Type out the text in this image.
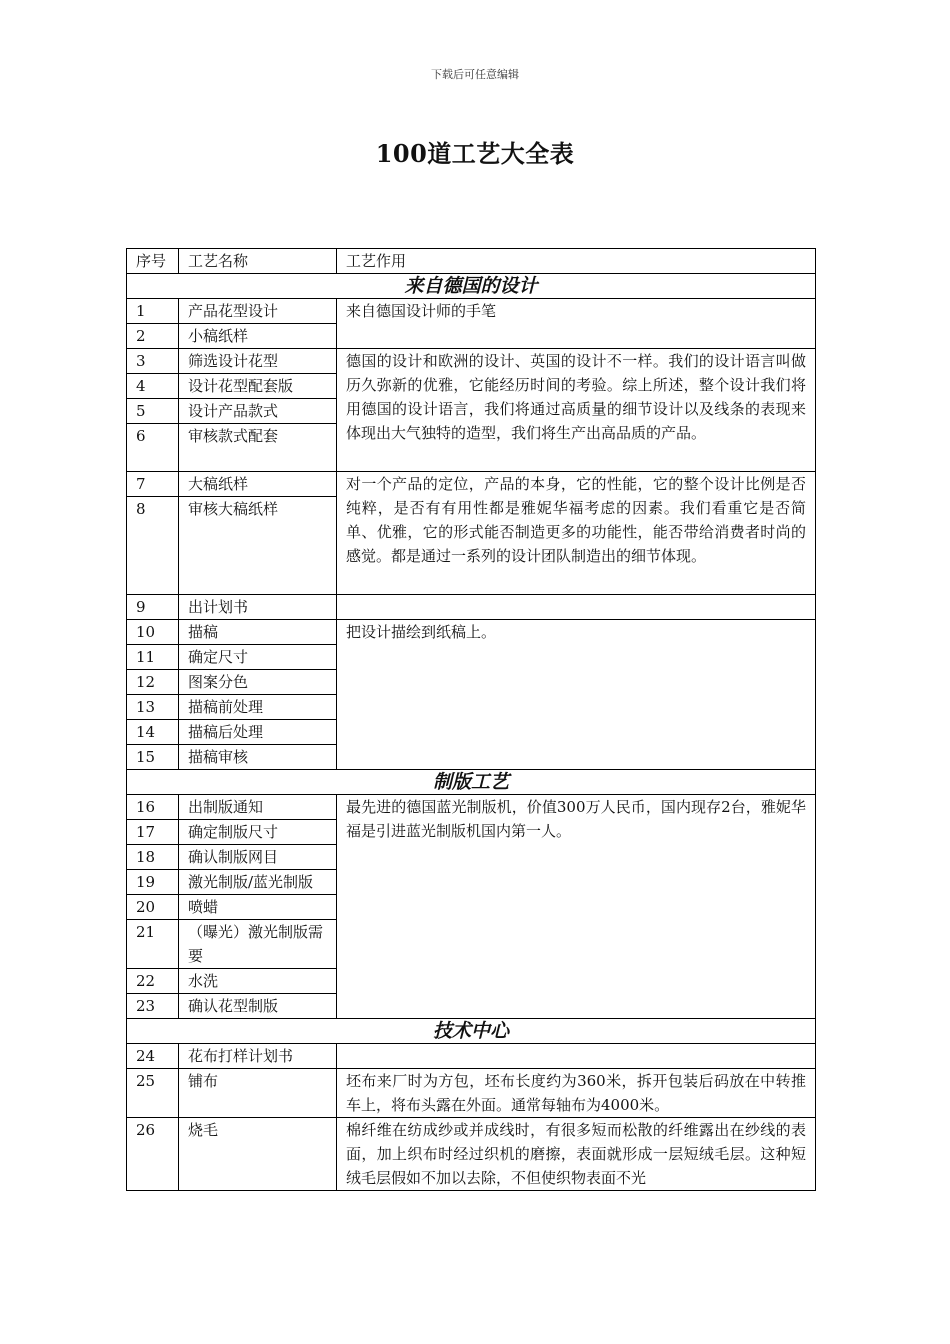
下载后可任意编辑
100道工艺大全表
序号	工艺名称	工艺作用
来自德国的设计		
1	产品花型设计	来自德国设计师的手笔
2	小稿纸样	
3	筛选设计花型	德国的设计和欧洲的设计、英国的设计不一样。我们的设计语言叫做历久弥新的优雅，它能经历时间的考验。综上所述，整个设计我们将用德国的设计语言，我们将通过高质量的细节设计以及线条的表现来体现出大气独特的造型，我们将生产出高品质的产品。
4	设计花型配套版	
5	设计产品款式	
6	审核款式配套	
7	大稿纸样	对一个产品的定位，产品的本身，它的性能，它的整个设计比例是否纯粹，是否有有用性都是雅妮华福考虑的因素。我们看重它是否简单、优雅，它的形式能否制造更多的功能性，能否带给消费者时尚的感觉。都是通过一系列的设计团队制造出的细节体现。
8	审核大稿纸样	
9	出计划书	
10	描稿	把设计描绘到纸稿上。
11	确定尺寸	
12	图案分色	
13	描稿前处理	
14	描稿后处理	
15	描稿审核	
制版工艺		
16	出制版通知	最先进的德国蓝光制版机，价值300万人民币，国内现存2台，雅妮华福是引进蓝光制版机国内第一人。
17	确定制版尺寸	
18	确认制版网目	
19	激光制版/蓝光制版	
20	喷蜡	
21	（曝光）激光制版需要	
22	水洗	
23	确认花型制版	
技术中心		
24	花布打样计划书	
25	铺布	坯布来厂时为方包，坯布长度约为360米，拆开包装后码放在中转推车上，将布头露在外面。通常每轴布为4000米。
26	烧毛	棉纤维在纺成纱或并成线时，有很多短而松散的纤维露出在纱线的表面，加上织布时经过织机的磨擦，表面就形成一层短绒毛层。这种短绒毛层假如不加以去除，不但使织物表面不光
